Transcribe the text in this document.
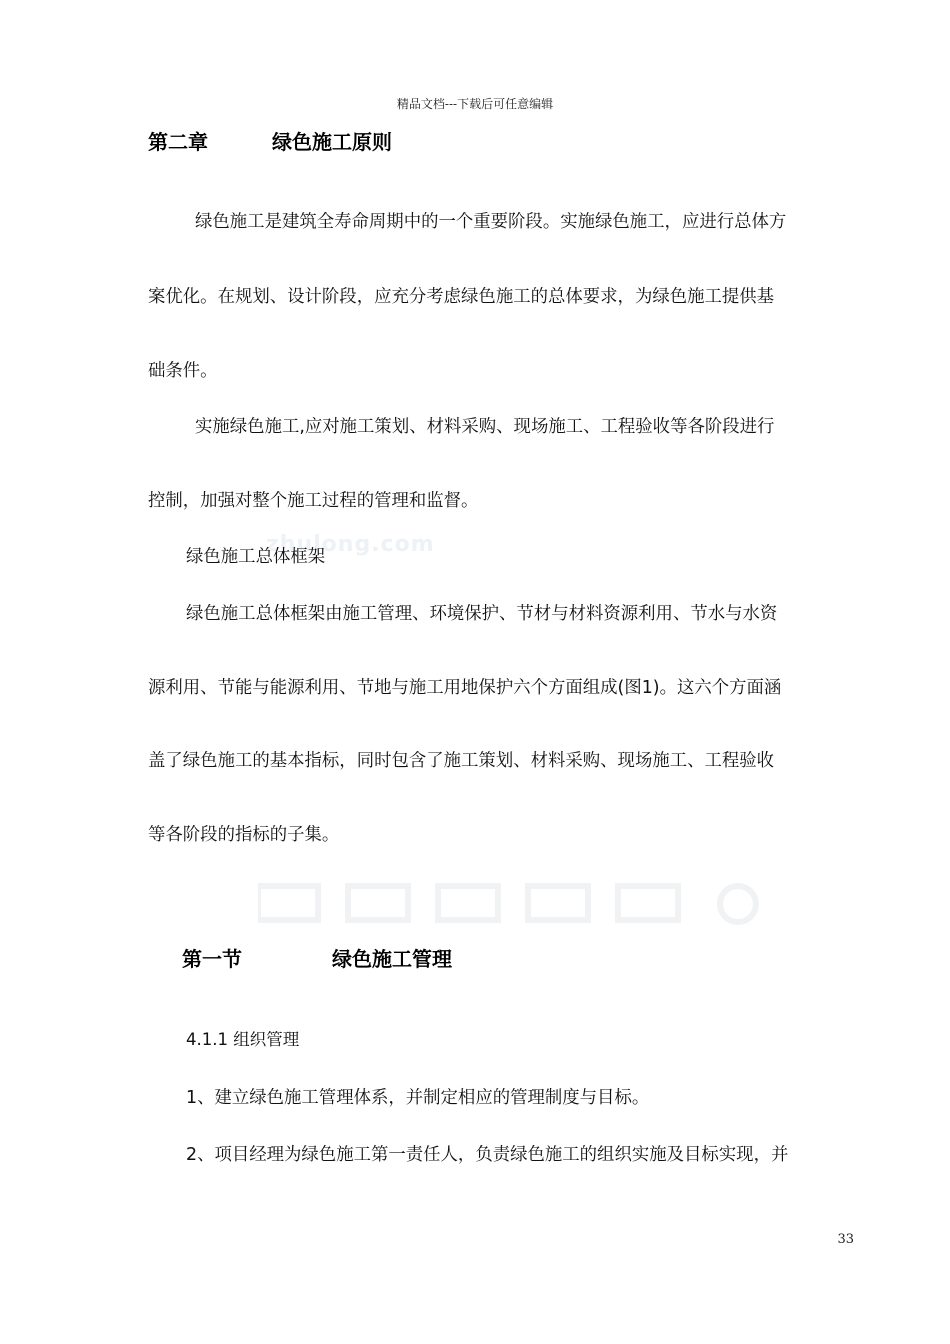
精品文档---下载后可任意编辑
第二章	绿色施工原则
绿色施工是建筑全寿命周期中的一个重要阶段。实施绿色施工，应进行总体方
案优化。在规划、设计阶段，应充分考虑绿色施工的总体要求，为绿色施工提供基
础条件。
实施绿色施工,应对施工策划、材料采购、现场施工、工程验收等各阶段进行
控制，加强对整个施工过程的管理和监督。
zhulong.com
绿色施工总体框架
绿色施工总体框架由施工管理、环境保护、节材与材料资源利用、节水与水资
源利用、节能与能源利用、节地与施工用地保护六个方面组成(图1)。这六个方面涵
盖了绿色施工的基本指标，同时包含了施工策划、材料采购、现场施工、工程验收
等各阶段的指标的子集。
第一节	绿色施工管理
4.1.1 组织管理
1、建立绿色施工管理体系，并制定相应的管理制度与目标。
2、项目经理为绿色施工第一责任人，负责绿色施工的组织实施及目标实现，并
33
